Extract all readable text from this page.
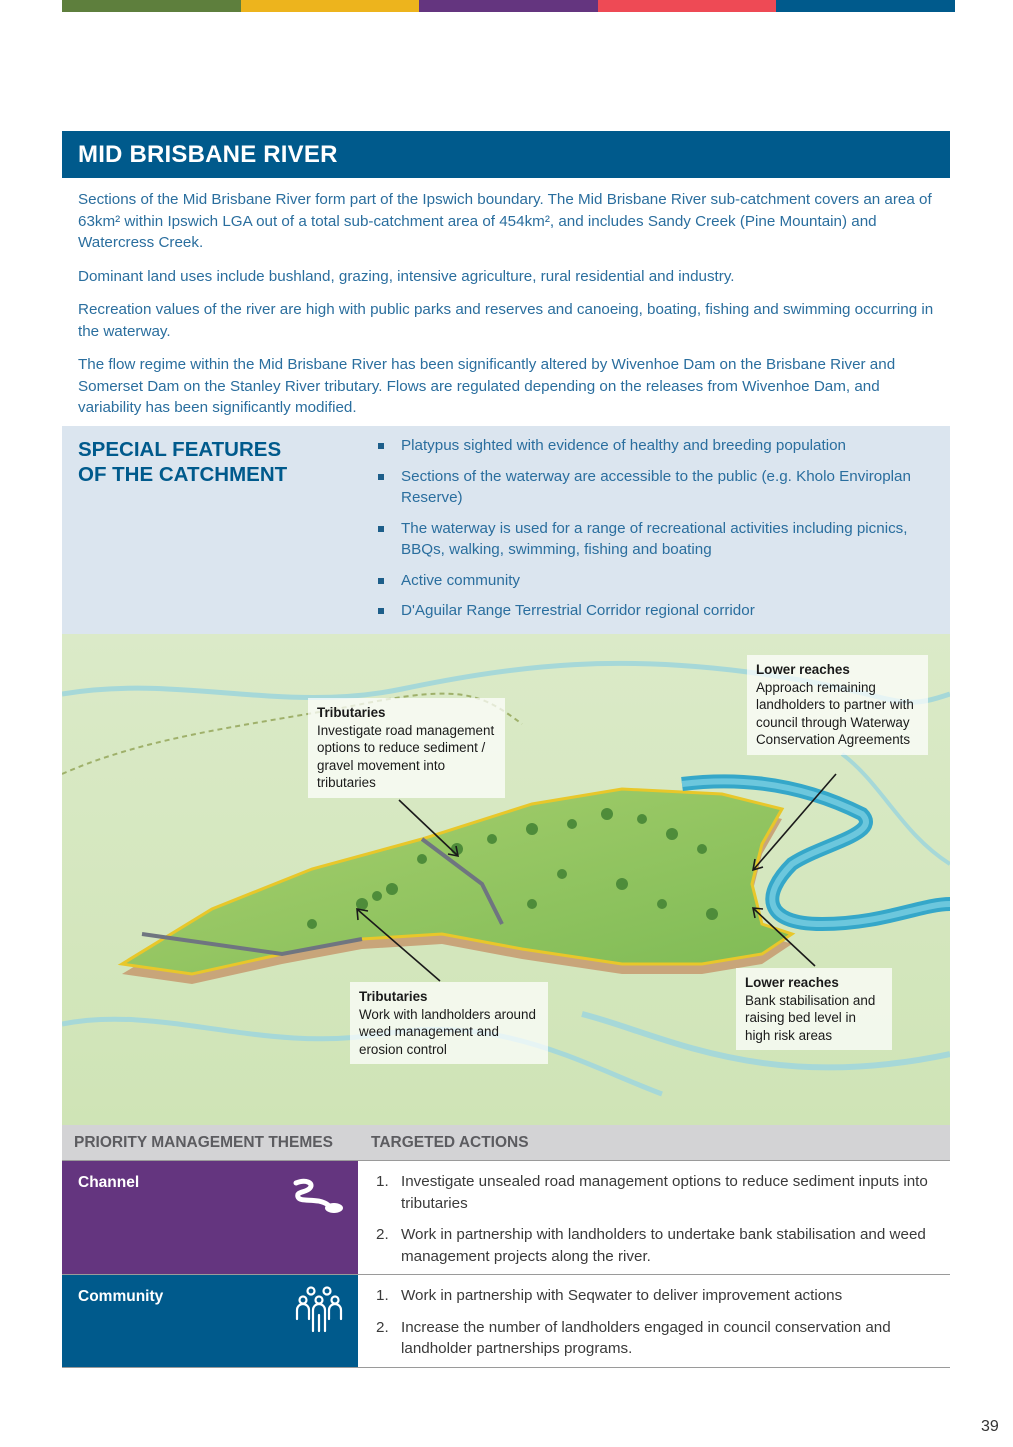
MID BRISBANE RIVER

Sections of the Mid Brisbane River form part of the Ipswich boundary. The Mid Brisbane River sub-catchment covers an area of 63km² within Ipswich LGA out of a total sub-catchment area of 454km², and includes Sandy Creek (Pine Mountain) and Watercress Creek.

Dominant land uses include bushland, grazing, intensive agriculture, rural residential and industry.

Recreation values of the river are high with public parks and reserves and canoeing, boating, fishing and swimming occurring in the waterway.

The flow regime within the Mid Brisbane River has been significantly altered by Wivenhoe Dam on the Brisbane River and Somerset Dam on the Stanley River tributary. Flows are regulated depending on the releases from Wivenhoe Dam, and variability has been significantly modified.

SPECIAL FEATURES
OF THE CATCHMENT
Platypus sighted with evidence of healthy and breeding population
Sections of the waterway are accessible to the public (e.g. Kholo Enviroplan Reserve)
The waterway is used for a range of recreational activities including picnics, BBQs, walking, swimming, fishing and boating
Active community
D'Aguilar Range Terrestrial Corridor regional corridor
Tributaries
Investigate road management options to reduce sediment / gravel movement into tributaries
Lower reaches
Approach remaining landholders to partner with council through Waterway Conservation Agreements
Tributaries
Work with landholders around weed management and erosion control
Lower reaches
Bank stabilisation and raising bed level in high risk areas
PRIORITY MANAGEMENT THEMES	TARGETED ACTIONS
Channel	1. Investigate unsealed road management options to reduce sediment inputs into tributaries
2. Work in partnership with landholders to undertake bank stabilisation and weed management projects along the river.
Community	1. Work in partnership with Seqwater to deliver improvement actions
2. Increase the number of landholders engaged in council conservation and landholder partnerships programs.
39
